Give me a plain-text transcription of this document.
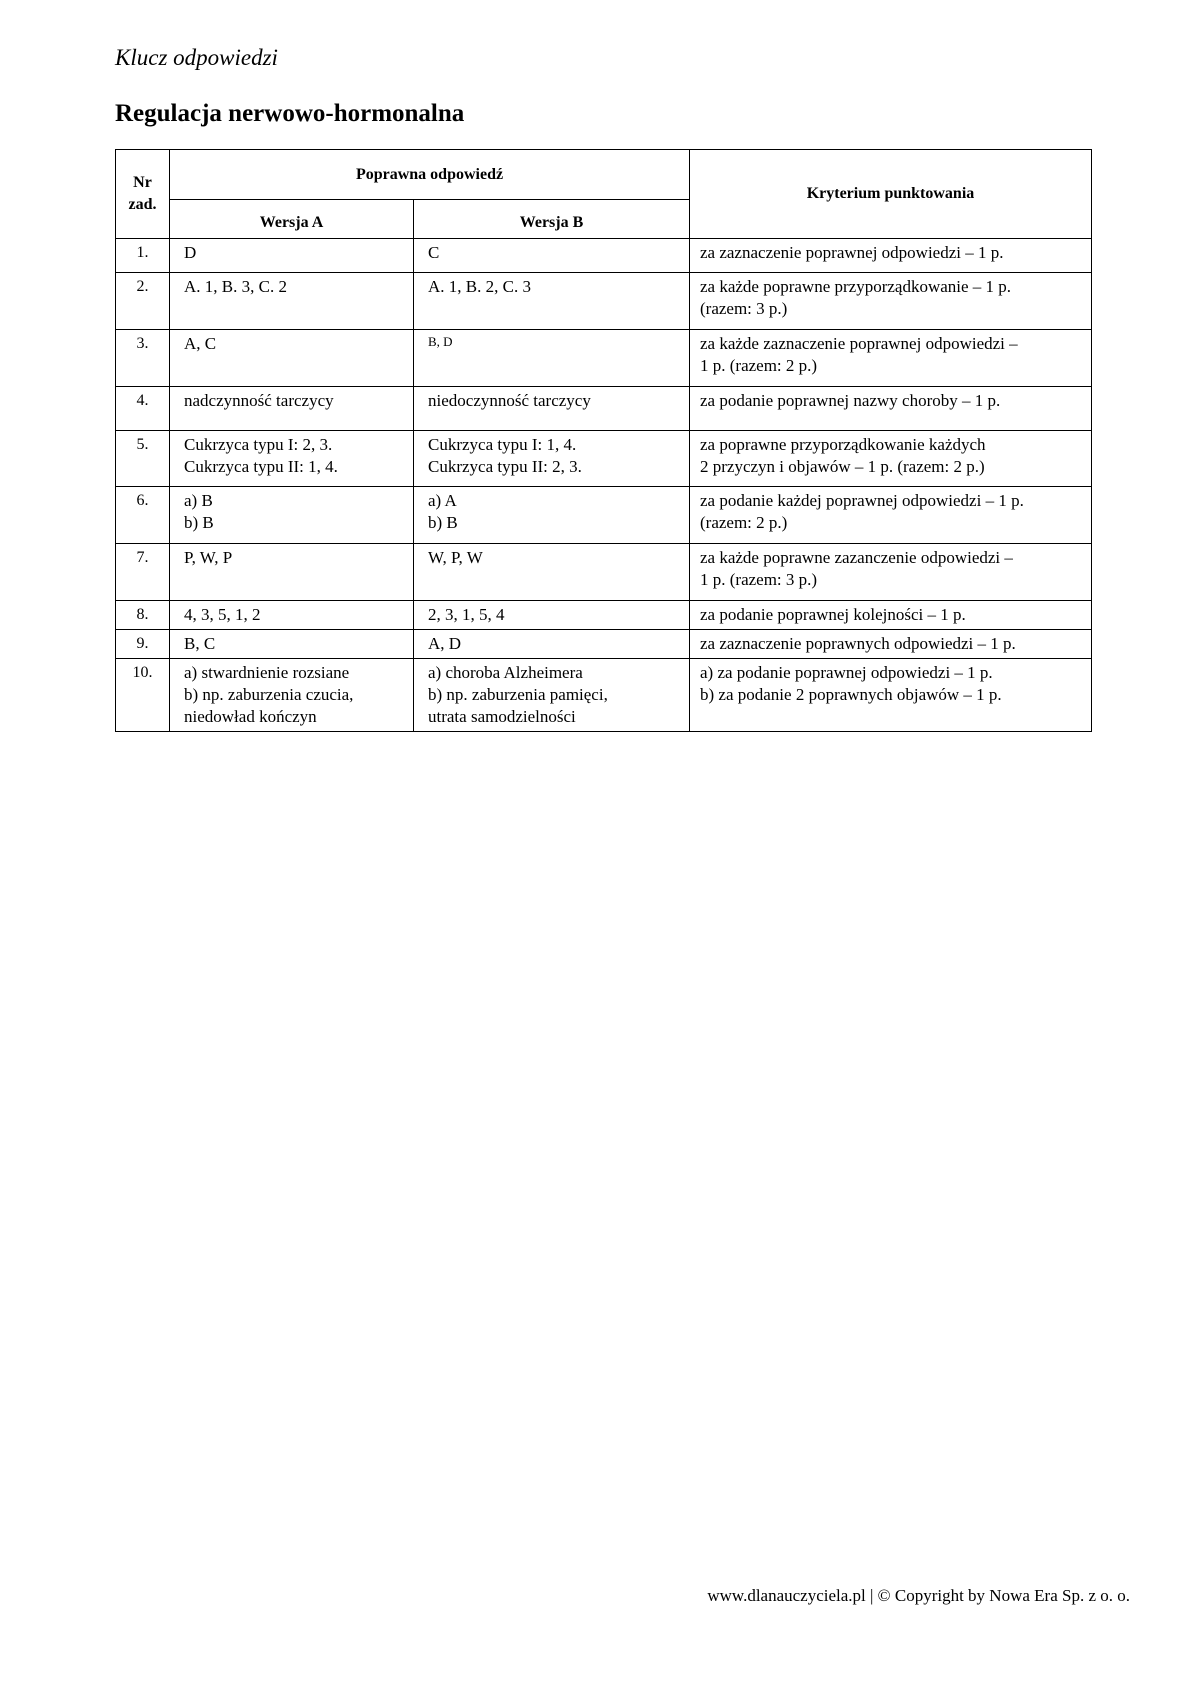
Klucz odpowiedzi
Regulacja nerwowo-hormonalna
Nr
zad.	Poprawna odpowiedź		Kryterium punktowania
	Wersja A	Wersja B	
1.	D	C	za zaznaczenie poprawnej odpowiedzi – 1 p.

2.	A. 1, B. 3, C. 2	A. 1, B. 2, C. 3	za każde poprawne przyporządkowanie – 1 p.
(razem: 3 p.)

3.	A, C	B, D	za każde zaznaczenie poprawnej odpowiedzi –
1 p. (razem: 2 p.)

4.	nadczynność tarczycy	niedoczynność tarczycy	za podanie poprawnej nazwy choroby – 1 p.

5.	Cukrzyca typu I: 2, 3.
Cukrzyca typu II: 1, 4.	Cukrzyca typu I: 1, 4.
Cukrzyca typu II: 2, 3.	za poprawne przyporządkowanie każdych
2 przyczyn i objawów – 1 p. (razem: 2 p.)

6.	a) B
b) B	a) A
b) B	za podanie każdej poprawnej odpowiedzi – 1 p.
(razem: 2 p.)

7.	P, W, P	W, P, W	za każde poprawne zazanczenie odpowiedzi –
1 p. (razem: 3 p.)

8.	4, 3, 5, 1, 2	2, 3, 1, 5, 4	za podanie poprawnej kolejności – 1 p.

9.	B, C	A, D	za zaznaczenie poprawnych odpowiedzi – 1 p.

10.	a) stwardnienie rozsiane
b) np. zaburzenia czucia,
niedowład kończyn	a) choroba Alzheimera
b) np. zaburzenia pamięci,
utrata samodzielności	a) za podanie poprawnej odpowiedzi – 1 p.
b) za podanie 2 poprawnych objawów – 1 p.
www.dlanauczyciela.pl | © Copyright by Nowa Era Sp. z o. o.
